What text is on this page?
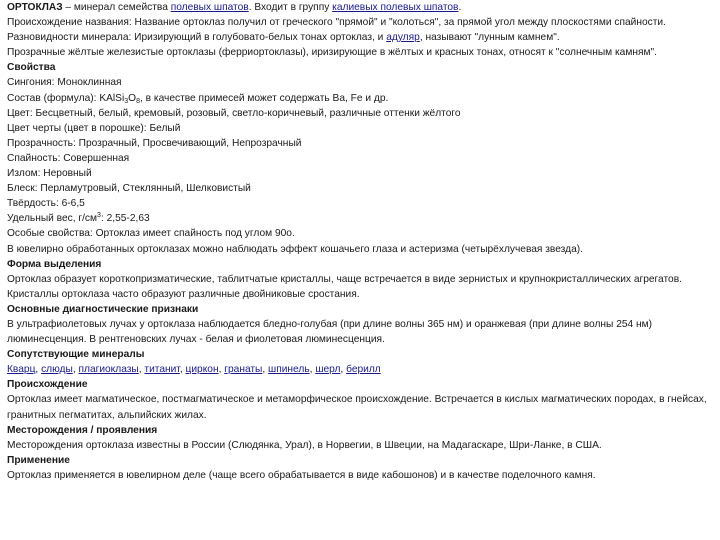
ОРТОКЛАЗ – минерал семейства полевых шпатов. Входит в группу калиевых полевых шпатов.

Происхождение названия: Название ортоклаз получил от греческого "прямой" и "колоться", за прямой угол между плоскостями спайности.

Разновидности минерала: Иризирующий в голубовато-белых тонах ортоклаз, и адуляр, называют "лунным камнем".

Прозрачные жёлтые железистые ортоклазы (ферриортоклазы), иризирующие в жёлтых и красных тонах, относят к "солнечным камням".

Свойства

Сингония: Моноклинная

Состав (формула): $KAlSi_3O_8$, в качестве примесей может содержать Ba, Fe и др.

Цвет: Бесцветный, белый, кремовый, розовый, светло-коричневый, различные оттенки жёлтого

Цвет черты (цвет в порошке): Белый

Прозрачность: Прозрачный, Просвечивающий, Непрозрачный

Спайность: Совершенная

Излом: Неровный

Блеск: Перламутровый, Стеклянный, Шелковистый

Твёрдость: 6-6,5

Удельный вес, $г/см^3$: 2,55-2,63

Особые свойства: Ортоклаз имеет спайность под углом 90о.

В ювелирно обработанных ортоклазах можно наблюдать эффект кошачьего глаза и астеризма (четырёхлучевая звезда).

Форма выделения

Ортоклаз образует короткопризматические, таблитчатые кристаллы, чаще встречается в виде зернистых и крупнокристаллических агрегатов. Кристаллы ортоклаза часто образуют различные двойниковые сростания.

Основные диагностические признаки

В ультрафиолетовых лучах у ортоклаза наблюдается бледно-голубая (при длине волны 365 нм) и оранжевая (при длине волны 254 нм) люминесценция. В рентгеновских лучах - белая и фиолетовая люминесценция.

Сопутствующие минералы

Кварц, слюды, плагиоклазы, титанит, циркон, гранаты, шпинель, шерл, берилл

Происхождение

Ортоклаз имеет магматическое, постмагматическое и метаморфическое происхождение. Встречается в кислых магматических породах, в гнейсах, гранитных пегматитах, альпийских жилах.

Месторождения / проявления

Месторождения ортоклаза известны в России (Слюдянка, Урал), в Норвегии, в Швеции, на Мадагаскаре, Шри-Ланке, в США.

Применение

Ортоклаз применяется в ювелирном деле (чаще всего обрабатывается в виде кабошонов) и в качестве поделочного камня.
